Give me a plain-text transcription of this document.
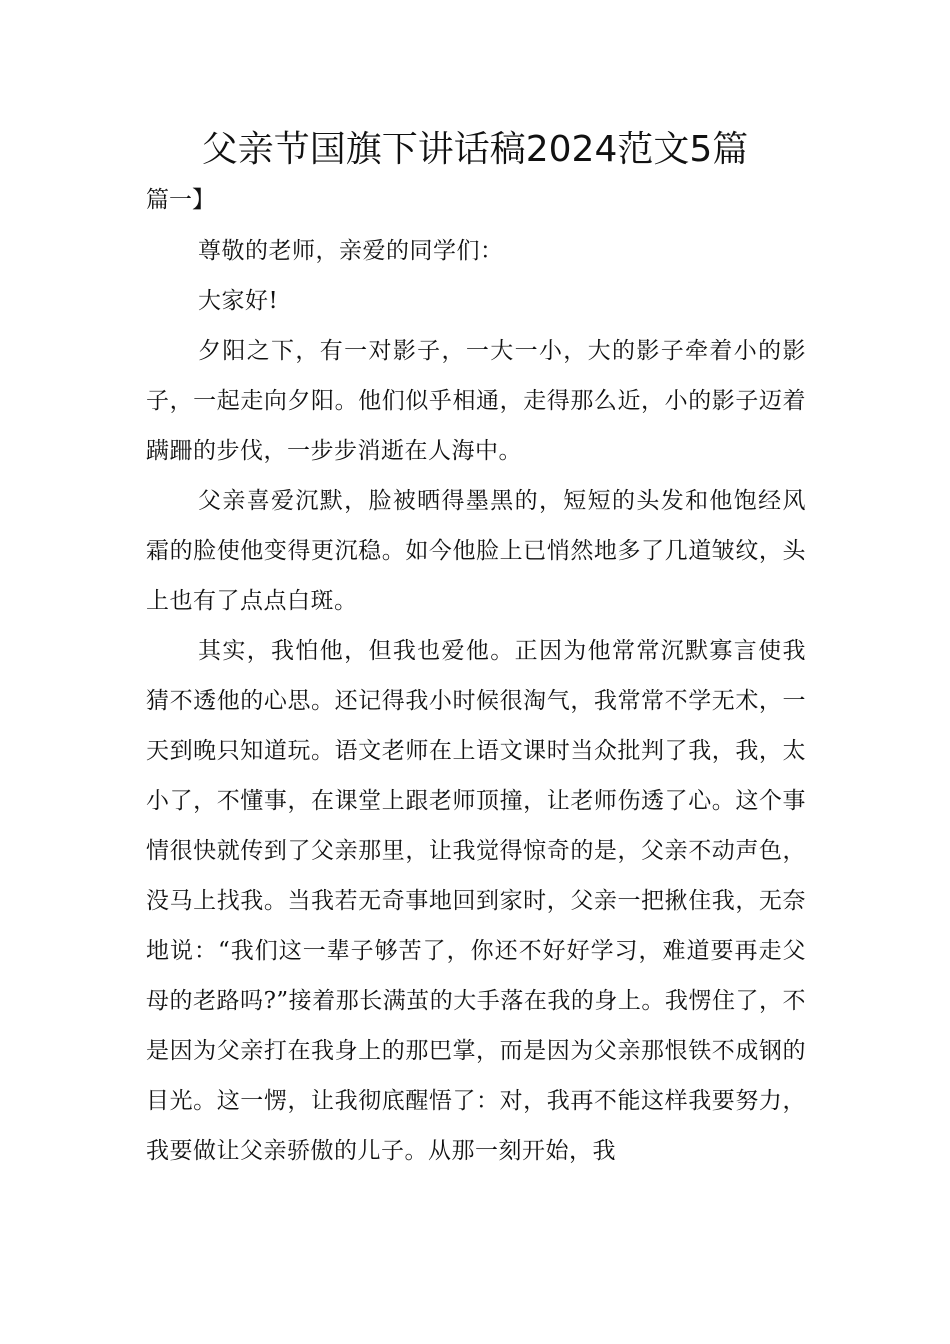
父亲节国旗下讲话稿2024范文5篇

篇一】

尊敬的老师，亲爱的同学们：

大家好!

夕阳之下，有一对影子，一大一小，大的影子牵着小的影子，一起走向夕阳。他们似乎相通，走得那么近，小的影子迈着蹒跚的步伐，一步步消逝在人海中。

父亲喜爱沉默，脸被晒得墨黑的，短短的头发和他饱经风霜的脸使他变得更沉稳。如今他脸上已悄然地多了几道皱纹，头上也有了点点白斑。

其实，我怕他，但我也爱他。正因为他常常沉默寡言使我猜不透他的心思。还记得我小时候很淘气，我常常不学无术，一天到晚只知道玩。语文老师在上语文课时当众批判了我，我，太小了，不懂事，在课堂上跟老师顶撞，让老师伤透了心。这个事情很快就传到了父亲那里，让我觉得惊奇的是，父亲不动声色，没马上找我。当我若无奇事地回到家时，父亲一把揪住我，无奈地说：“我们这一辈子够苦了，你还不好好学习，难道要再走父母的老路吗?”接着那长满茧的大手落在我的身上。我愣住了，不是因为父亲打在我身上的那巴掌，而是因为父亲那恨铁不成钢的目光。这一愣，让我彻底醒悟了：对，我再不能这样我要努力，我要做让父亲骄傲的儿子。从那一刻开始，我
